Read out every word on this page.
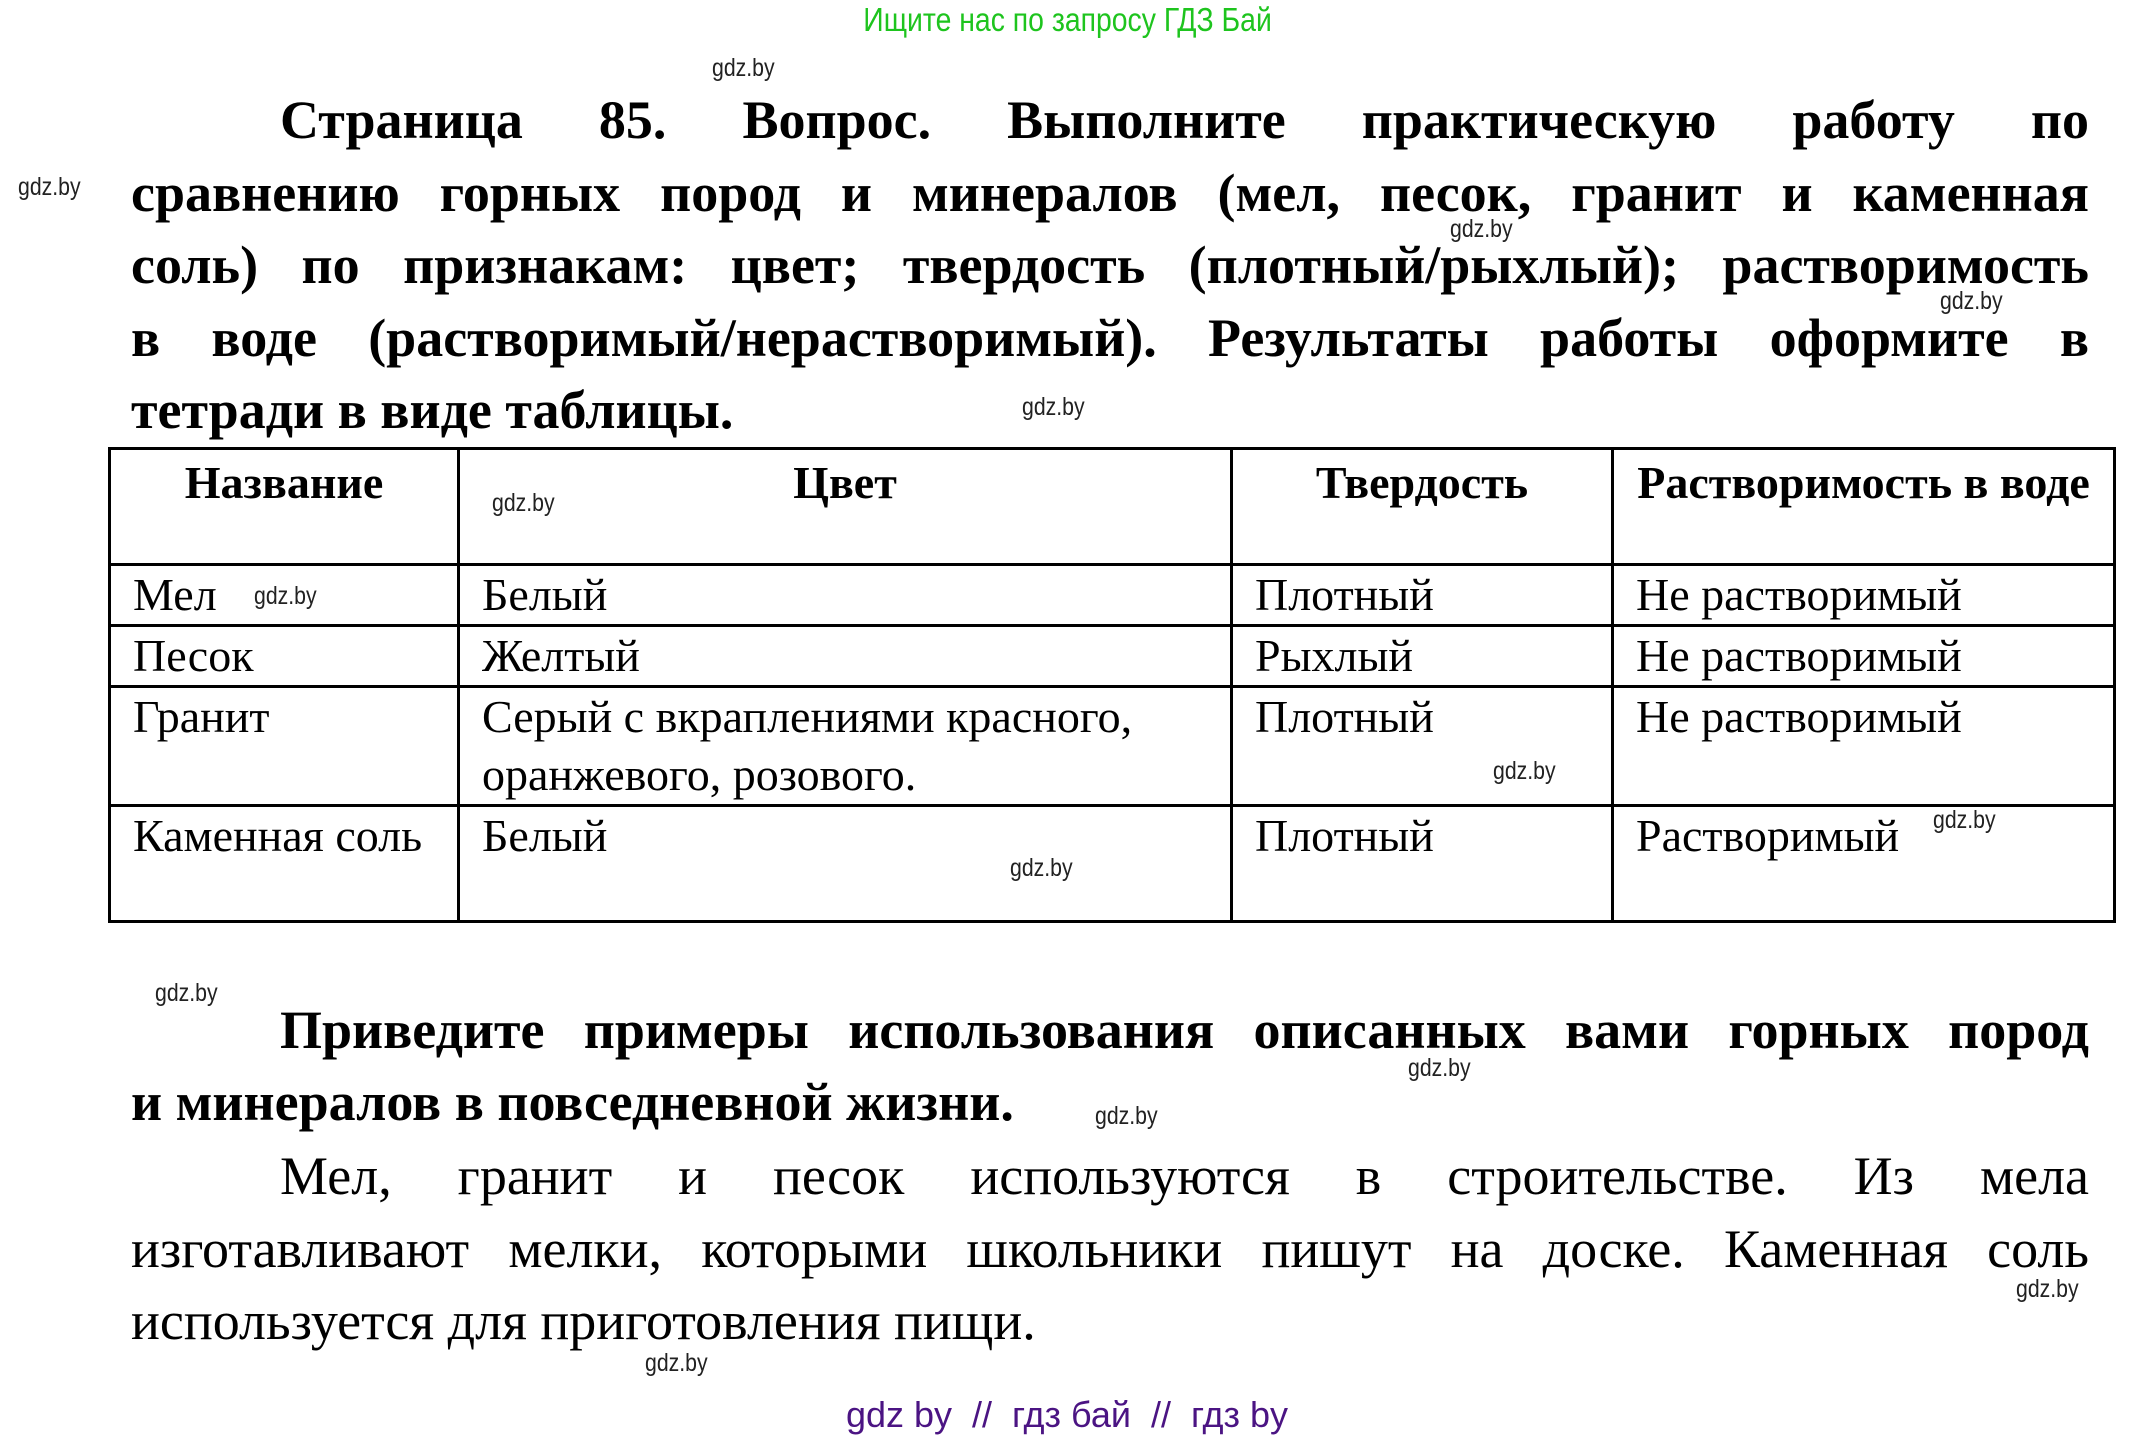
Ищите нас по запросу ГДЗ Бай
Страница 85. Вопрос. Выполните практическую работу по
сравнению горных пород и минералов (мел, песок, гранит и каменная
соль) по признакам: цвет; твердость (плотный/рыхлый); растворимость
в воде (растворимый/нерастворимый). Результаты работы оформите в
тетради в виде таблицы.
Название	Цвет	Твердость	Растворимость в воде
Мел	Белый	Плотный	Не растворимый
Песок	Желтый	Рыхлый	Не растворимый
Гранит	Серый с вкраплениями красного, оранжевого, розового.	Плотный	Не растворимый
Каменная соль	Белый	Плотный	Растворимый
Приведите примеры использования описанных вами горных пород
и минералов в повседневной жизни.
Мел, гранит и песок используются в строительстве. Из мела
изготавливают мелки, которыми школьники пишут на доске. Каменная соль
используется для приготовления пищи.
gdz.by
gdz.by
gdz.by
gdz.by
gdz.by
gdz.by
gdz.by
gdz.by
gdz.by
gdz.by
gdz.by
gdz.by
gdz.by
gdz.by
gdz.by
gdz by  //  гдз бай  //  гдз by
